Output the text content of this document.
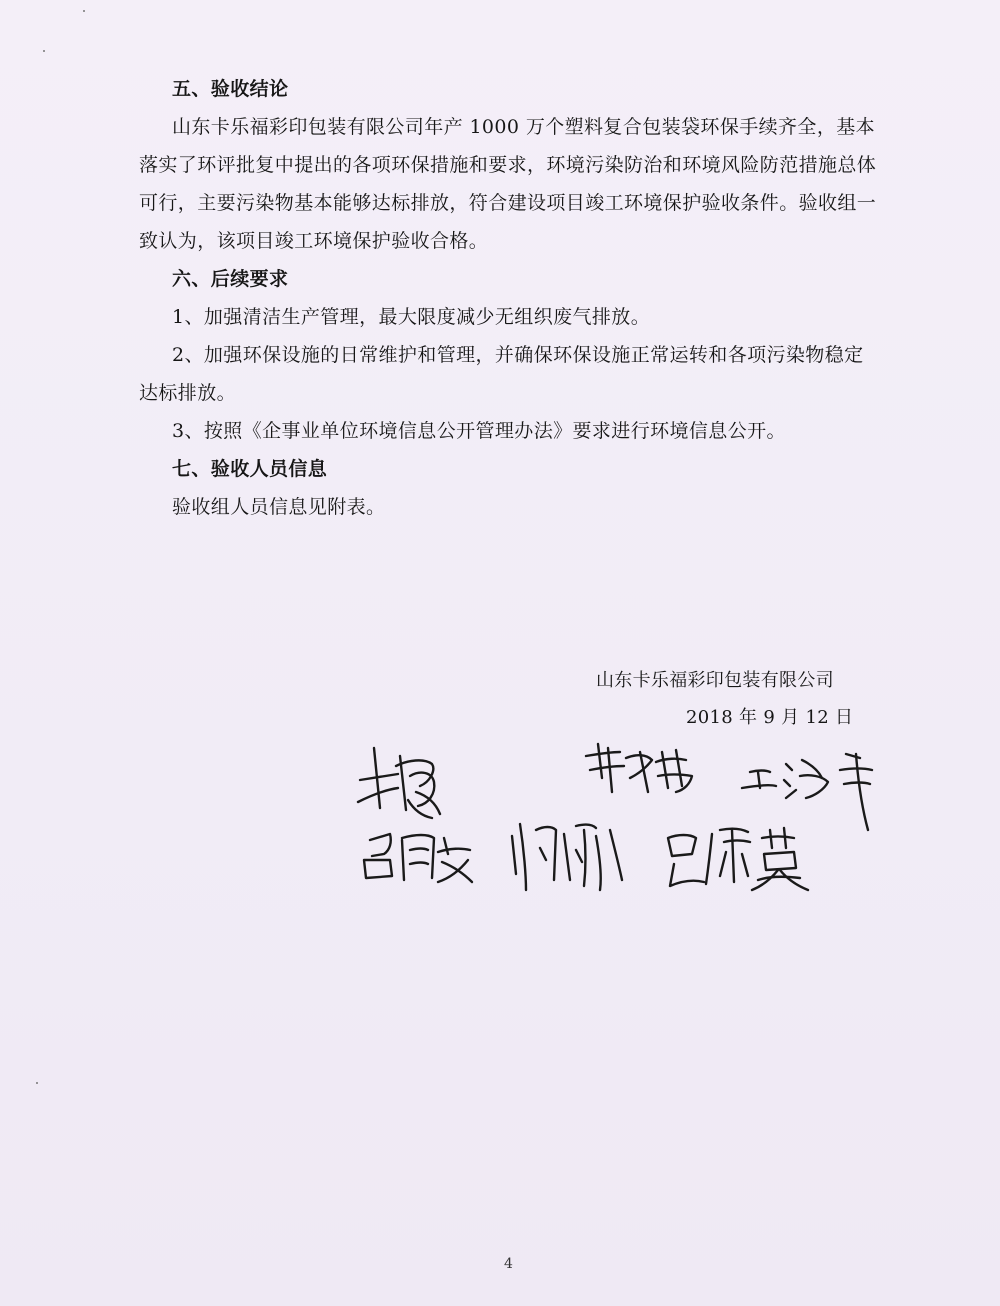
五、验收结论
山东卡乐福彩印包装有限公司年产 1000 万个塑料复合包装袋环保手续齐全，基本
落实了环评批复中提出的各项环保措施和要求，环境污染防治和环境风险防范措施总体
可行，主要污染物基本能够达标排放，符合建设项目竣工环境保护验收条件。验收组一
致认为，该项目竣工环境保护验收合格。
六、后续要求
1、加强清洁生产管理，最大限度减少无组织废气排放。
2、加强环保设施的日常维护和管理，并确保环保设施正常运转和各项污染物稳定
达标排放。
3、按照《企事业单位环境信息公开管理办法》要求进行环境信息公开。
七、验收人员信息
验收组人员信息见附表。
山东卡乐福彩印包装有限公司
2018 年 9 月 12 日
4
